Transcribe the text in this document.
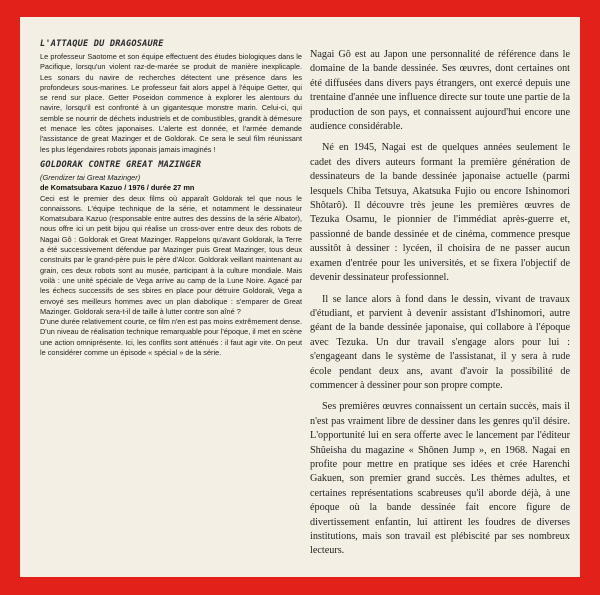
L'ATTAQUE DU DRAGOSAURE

Le professeur Saotome et son équipe effectuent des études biologiques dans le Pacifique, lorsqu'un violent raz-de-marée se produit de manière inexplicaple. Les sonars du navire de recherches détectent une présence dans les profondeurs sous-marines. Le professeur fait alors appel à l'équipe Getter, qui se rend sur place. Getter Poseidon commence à explorer les alentours du navire, lorsqu'il est confronté à un gigantesque monstre marin. Celui-ci, qui semble se nourrir de déchets industriels et de combustibles, grandit à démesure et menace les côtes japonaises. L'alerte est donnée, et l'armée demande l'assistance de great Mazinger et de Goldorak. Ce sera le seul film réunissant les plus légendaires robots japonais jamais imaginés !

GOLDORAK CONTRE GREAT MAZINGER

(Grendizer tai Great Mazinger)

de Komatsubara Kazuo / 1976 / durée 27 mn

Ceci est le premier des deux films où apparaît Goldorak tel que nous le connaissons. L'équipe technique de la série, et notamment le dessinateur Komatsubara Kazuo (responsable entre autres des dessins de la série Albator), nous offre ici un petit bijou qui réalise un cross-over entre deux des robots de Nagai Gô : Goldorak et Great Mazinger. Rappelons qu'avant Goldorak, la Terre a été successivement défendue par Mazinger puis Great Mazinger, tous deux construits par le grand-père puis le père d'Alcor. Goldorak veillant maintenant au grain, ces deux robots sont au musée, participant à la culture mondiale. Mais voilà : une unité spéciale de Vega arrive au camp de la Lune Noire. Agacé par les échecs successifs de ses sbires en place pour détruire Goldorak, Vega a envoyé ses meilleurs hommes avec un plan diabolique : s'emparer de Great Mazinger. Goldorak sera-t-il de taille à lutter contre son aîné ?

D'une durée relativement courte, ce film n'en est pas moins extrêmement dense. D'un niveau de réalisation technique remarquable pour l'époque, il met en scène une action omniprésente. Ici, les conflits sont atténués : il faut agir vite. On peut le considérer comme un épisode « spécial » de la série.

Nagai Gô est au Japon une personnalité de référence dans le domaine de la bande dessinée. Ses œuvres, dont certaines ont été diffusées dans divers pays étrangers, ont exercé depuis une trentaine d'année une influence directe sur toute une partie de la production de son pays, et connaissent aujourd'hui encore une audience considérable.

Né en 1945, Nagai est de quelques années seulement le cadet des divers auteurs formant la première génération de dessinateurs de la bande dessinée japonaise actuelle (parmi lesquels Chiba Tetsuya, Akatsuka Fujio ou encore Ishinomori Shôtarô). Il découvre très jeune les premières œuvres de Tezuka Osamu, le pionnier de l'immédiat après-guerre et, passionné de bande dessinée et de cinéma, commence presque aussitôt à dessiner : lycéen, il choisira de ne passer aucun examen d'entrée pour les universités, et se fixera l'objectif de devenir dessinateur professionnel.

Il se lance alors à fond dans le dessin, vivant de travaux d'étudiant, et parvient à devenir assistant d'Ishinomori, autre géant de la bande dessinée japonaise, qui collabore à l'époque avec Tezuka. Un dur travail s'engage alors pour lui : s'engageant dans le système de l'assistanat, il y sera à rude école pendant deux ans, avant d'avoir la possibilité de commencer à dessiner pour son propre compte.

Ses premières œuvres connaissent un certain succès, mais il n'est pas vraiment libre de dessiner dans les genres qu'il désire. L'opportunité lui en sera offerte avec le lancement par l'éditeur Shûeisha du magazine « Shônen Jump », en 1968. Nagai en profite pour mettre en pratique ses idées et crée Harenchi Gakuen, son premier grand succès. Les thèmes adultes, et certaines représentations scabreuses qu'il aborde déjà, à une époque où la bande dessinée fait encore figure de divertissement enfantin, lui attirent les foudres de diverses institutions, mais son travail est plébiscité par ses nombreux lecteurs.
